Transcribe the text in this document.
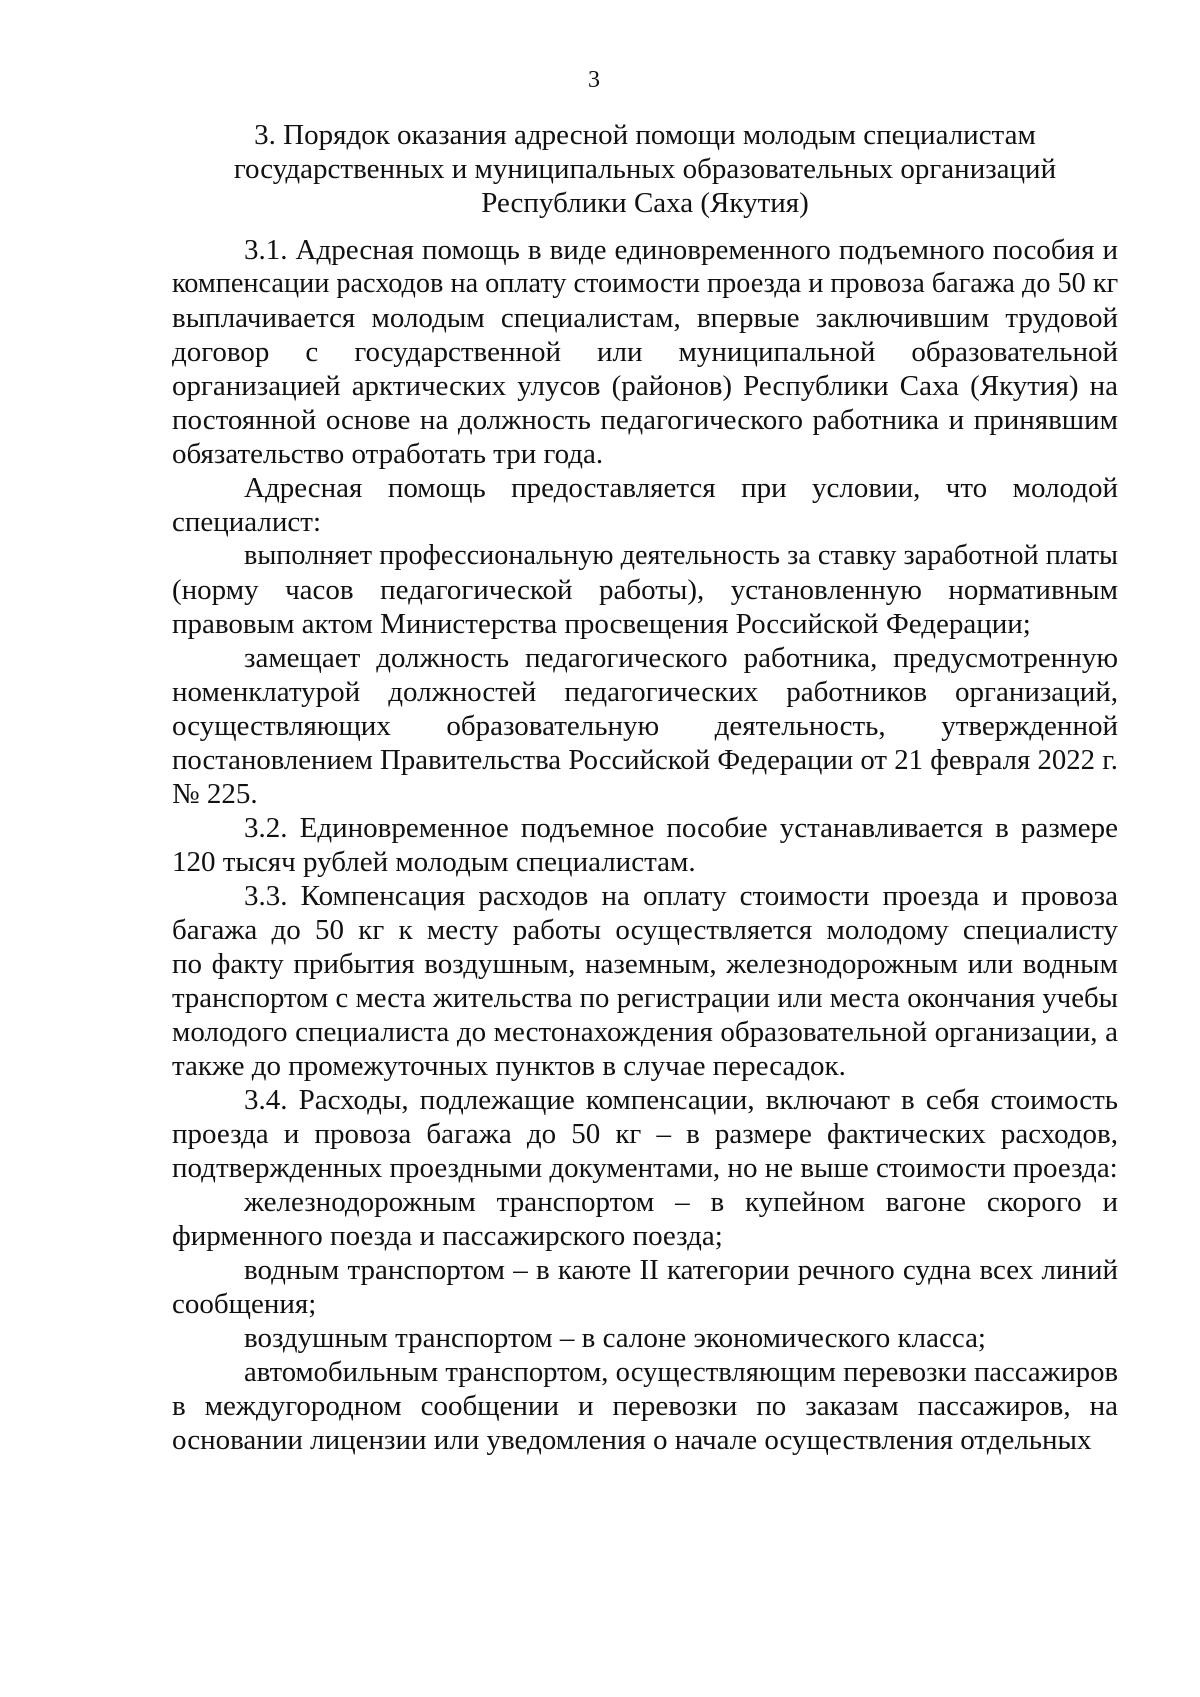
3
3. Порядок оказания адресной помощи молодым специалистам
государственных и муниципальных образовательных организаций
Республики Саха (Якутия)
3.1. Адресная помощь в виде единовременного подъемного пособия и
компенсации расходов на оплату стоимости проезда и провоза багажа до 50 кг
выплачивается молодым специалистам, впервые заключившим трудовой
договор с государственной или муниципальной образовательной
организацией арктических улусов (районов) Республики Саха (Якутия) на
постоянной основе на должность педагогического работника и принявшим
обязательство отработать три года.
Адресная помощь предоставляется при условии, что молодой
специалист:
выполняет профессиональную деятельность за ставку заработной платы
(норму часов педагогической работы), установленную нормативным
правовым актом Министерства просвещения Российской Федерации;
замещает должность педагогического работника, предусмотренную
номенклатурой должностей педагогических работников организаций,
осуществляющих образовательную деятельность, утвержденной
постановлением Правительства Российской Федерации от 21 февраля 2022 г.
№ 225.
3.2. Единовременное подъемное пособие устанавливается в размере
120 тысяч рублей молодым специалистам.
3.3. Компенсация расходов на оплату стоимости проезда и провоза
багажа до 50 кг к месту работы осуществляется молодому специалисту
по факту прибытия воздушным, наземным, железнодорожным или водным
транспортом с места жительства по регистрации или места окончания учебы
молодого специалиста до местонахождения образовательной организации, а
также до промежуточных пунктов в случае пересадок.
3.4. Расходы, подлежащие компенсации, включают в себя стоимость
проезда и провоза багажа до 50 кг – в размере фактических расходов,
подтвержденных проездными документами, но не выше стоимости проезда:
железнодорожным транспортом – в купейном вагоне скорого и
фирменного поезда и пассажирского поезда;
водным транспортом – в каюте II категории речного судна всех линий
сообщения;
воздушным транспортом – в салоне экономического класса;
автомобильным транспортом, осуществляющим перевозки пассажиров
в междугородном сообщении и перевозки по заказам пассажиров, на
основании лицензии или уведомления о начале осуществления отдельных
